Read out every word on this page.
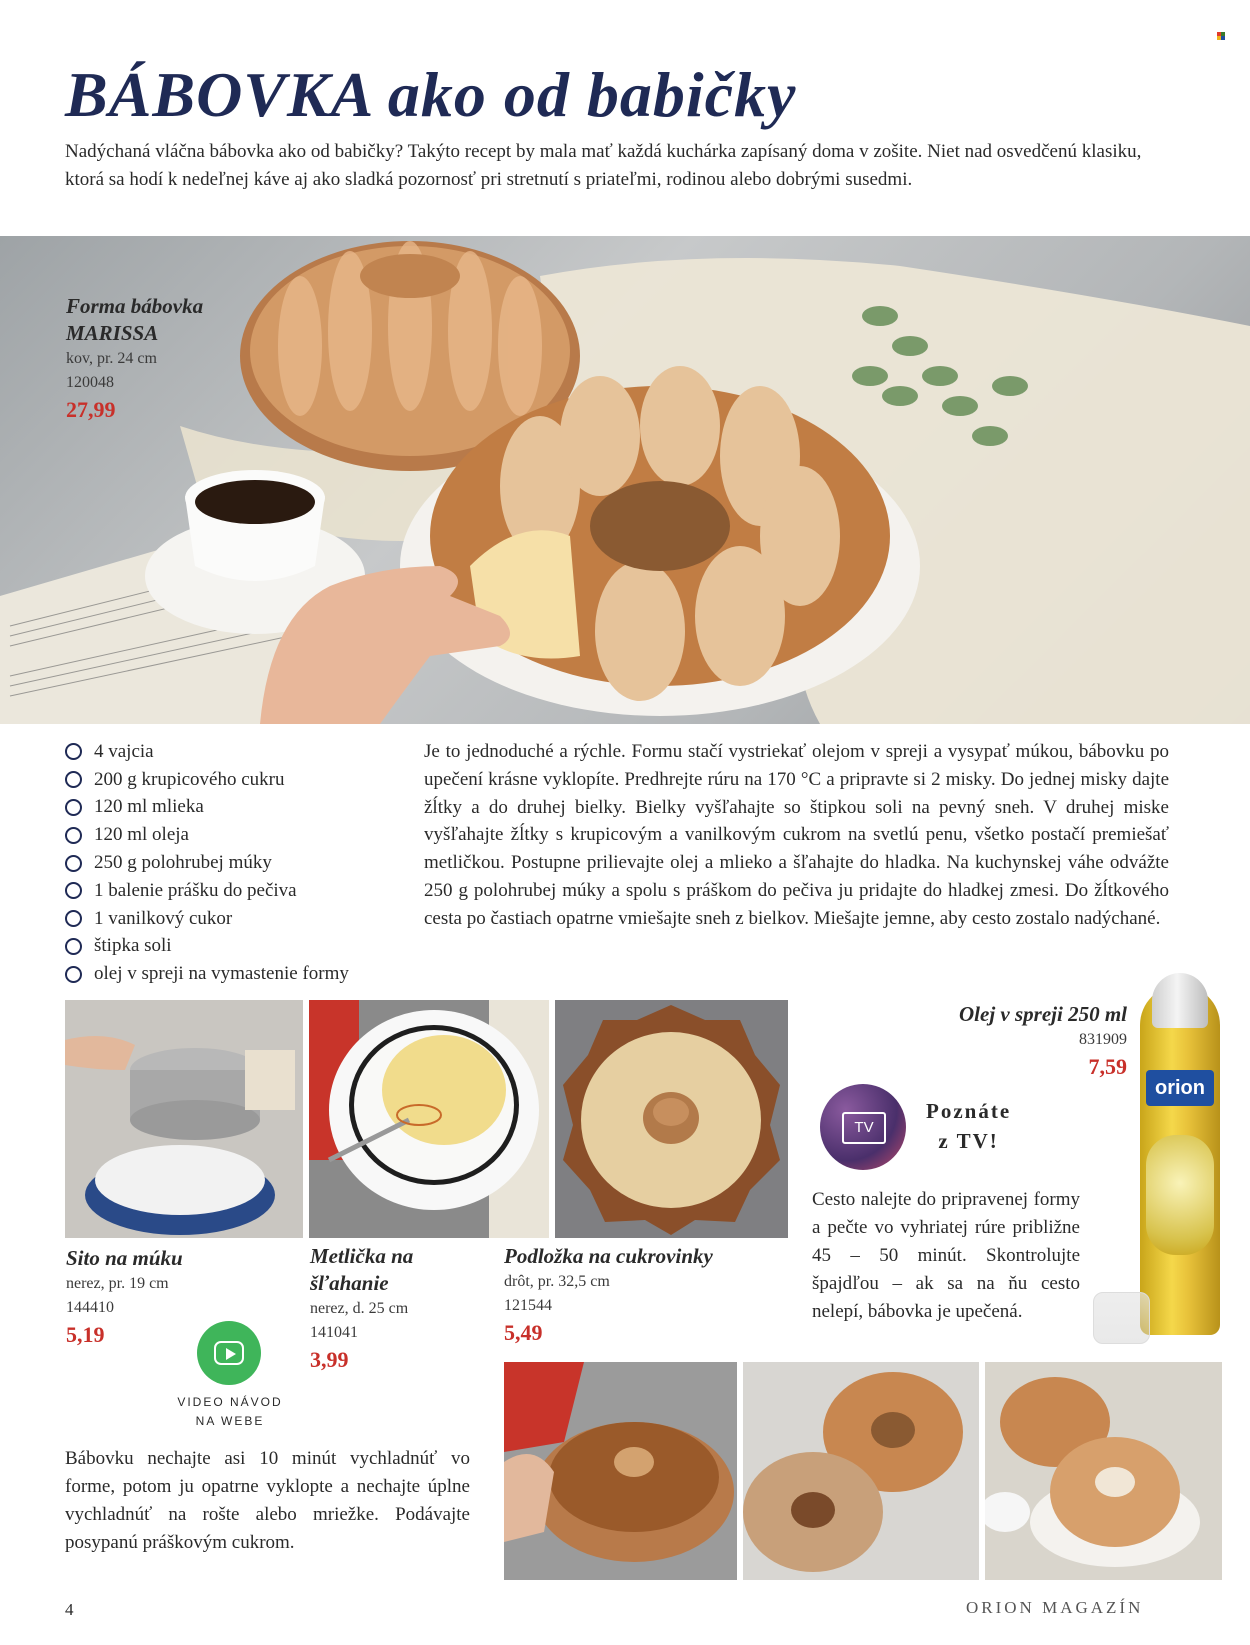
BÁBOVKA ako od babičky
Nadýchaná vláčna bábovka ako od babičky? Takýto recept by mala mať každá kuchárka zapísaný doma v zošite. Niet nad osvedčenú klasiku, ktorá sa hodí k nedeľnej káve aj ako sladká pozornosť pri stretnutí s priateľmi, rodinou alebo dobrými susedmi.
Forma bábovka
MARISSA
kov, pr. 24 cm
120048
27,99
4 vajcia
200 g krupicového cukru
120 ml mlieka
120 ml oleja
250 g polohrubej múky
1 balenie prášku do pečiva
1 vanilkový cukor
štipka soli
olej v spreji na vymastenie formy
Je to jednoduché a rýchle. Formu stačí vystriekať olejom v spreji a vysypať múkou, bábovku po upečení krásne vyklopíte. Predhrejte rúru na 170 °C a pripravte si 2 misky. Do jednej misky dajte žĺtky a do druhej bielky. Bielky vyšľahajte so štipkou soli na pevný sneh. V druhej miske vyšľahajte žĺtky s krupicovým a vanilkovým cukrom na svetlú penu, všetko postačí premiešať metličkou. Postupne prilievajte olej a mlieko a šľahajte do hladka. Na kuchynskej váhe odvážte 250 g polohrubej múky a spolu s práškom do pečiva ju pridajte do hladkej zmesi. Do žĺtkového cesta po častiach opatrne vmiešajte sneh z bielkov. Miešajte jemne, aby cesto zostalo nadýchané.
Olej v spreji 250 ml
831909
7,59
orion
TV
Poznáte
z TV!
Cesto nalejte do pripravenej formy a pečte vo vyhriatej rúre približne 45 – 50 minút. Skontrolujte špajdľou – ak sa na ňu cesto nelepí, bábovka je upečená.
Sito na múku
nerez, pr. 19 cm
144410
5,19
Metlička na
šľahanie
nerez, d. 25 cm
141041
3,99
Podložka na cukrovinky
drôt, pr. 32,5 cm
121544
5,49
VIDEO NÁVOD
NA WEBE
Bábovku nechajte asi 10 minút vychladnúť vo forme, potom ju opatrne vyklopte a nechajte úplne vychladnúť na rošte alebo mriežke. Podávajte posypanú práškovým cukrom.
4	ORION MAGAZÍN
